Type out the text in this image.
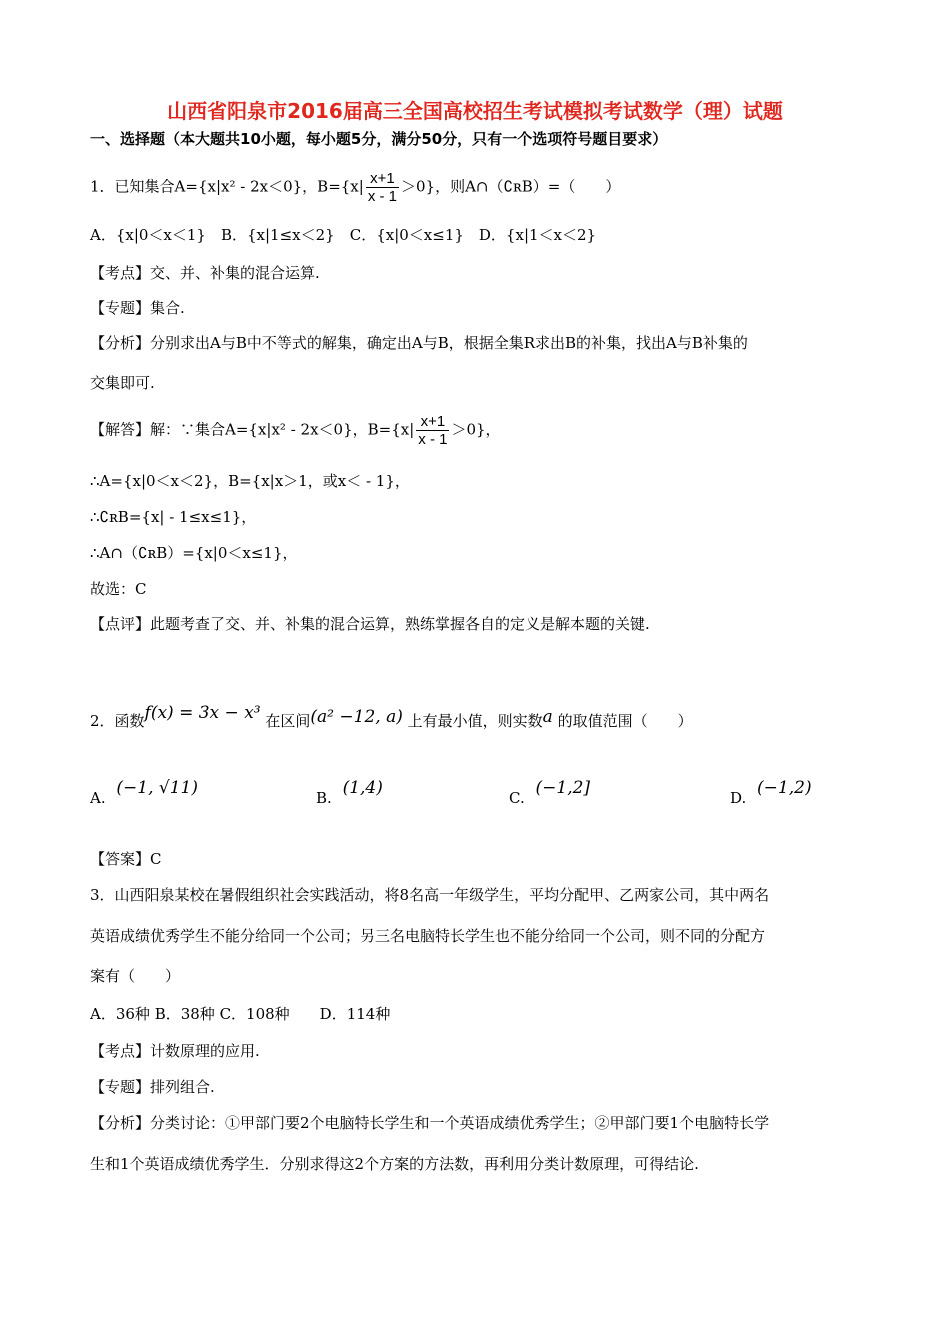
山西省阳泉市2016届高三全国高校招生考试模拟考试数学（理）试题
一、选择题（本大题共10小题，每小题5分，满分50分，只有一个选项符号题目要求）
1．已知集合A={x|x² - 2x＜0}，$B=\{x| \frac{x+1}{x - 1} >0\}$，则A∩（∁ʀB）=（　　）
A．{x|0＜x＜1}　B．{x|1≤x＜2}　C．{x|0＜x≤1}　D．{x|1＜x＜2}
【考点】交、并、补集的混合运算.
【专题】集合.
【分析】分别求出A与B中不等式的解集，确定出A与B，根据全集R求出B的补集，找出A与B补集的
交集即可.
【解答】解：∵集合A={x|x² - 2x＜0}，$B=\{x| \frac{x+1}{x - 1} >0\}$，
∴A={x|0＜x＜2}，B={x|x＞1，或x＜ - 1}，
∴∁ʀB={x| - 1≤x≤1}，
∴A∩（∁ʀB）={x|0＜x≤1}，
故选：C
【点评】此题考查了交、并、补集的混合运算，熟练掌握各自的定义是解本题的关键.
2．函数f(x) = 3x − x³ 在区间(a² −12, a) 上有最小值，则实数a 的取值范围（　　）
A. (−1, √11)	B. (1,4)	C. (−1,2]	D. (−1,2)
【答案】C
3．山西阳泉某校在暑假组织社会实践活动，将8名高一年级学生，平均分配甲、乙两家公司，其中两名
英语成绩优秀学生不能分给同一个公司；另三名电脑特长学生也不能分给同一个公司，则不同的分配方
案有（　　）
A．36种 B．38种 C．108种　　D．114种
【考点】计数原理的应用.
【专题】排列组合.
【分析】分类讨论：①甲部门要2个电脑特长学生和一个英语成绩优秀学生；②甲部门要1个电脑特长学
生和1个英语成绩优秀学生．分别求得这2个方案的方法数，再利用分类计数原理，可得结论.
